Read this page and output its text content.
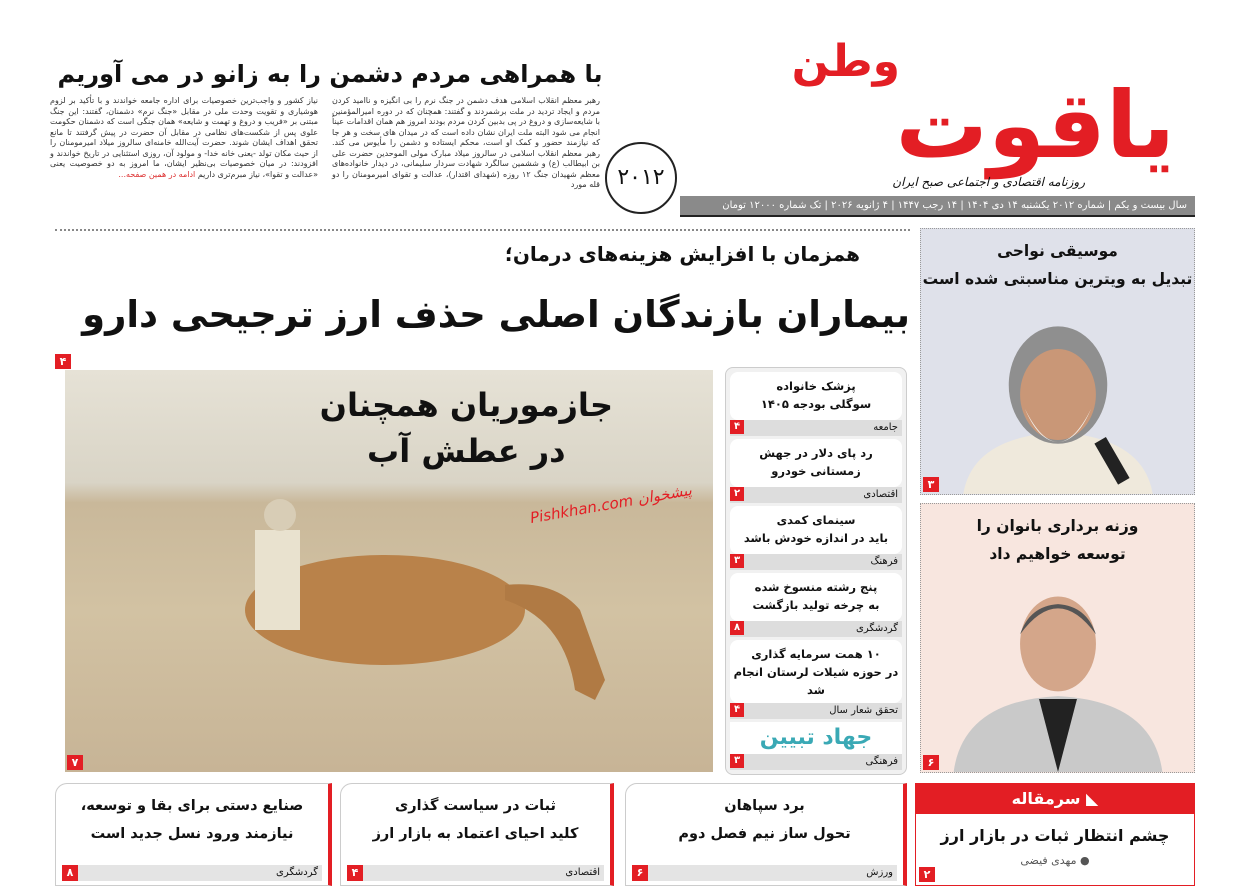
وطن
یاقوت
روزنامه اقتصادی و اجتماعی صبح ایران
سال بیست و یکم | شماره ۲۰۱۲ یکشنبه ۱۴ دی ۱۴۰۴ | ۱۴ رجب ۱۴۴۷ | ۴ ژانویه ۲۰۲۶ | تک شماره ۱۲۰۰۰ تومان
۲۰۱۲
با همراهی مردم دشمن را به زانو در می آوریم
رهبر معظم انقلاب اسلامی هدف دشمن در جنگ نرم را بی انگیزه و ناامید کردن مردم و ایجاد تردید در ملت برشمردند و گفتند: همچنان که در دوره امیرالمؤمنین با شایعه‌سازی و دروغ در پی بدبین کردن مردم بودند امروز هم همان اقدامات عیناً انجام می شود البته ملت ایران نشان داده است که در میدان های سخت و هر جا که نیازمند حضور و کمک او است، محکم ایستاده و دشمن را مأیوس می کند. رهبر معظم انقلاب اسلامی در سالروز میلاد مبارک مولی الموحدین حضرت علی بن ابیطالب (ع) و ششمین سالگرد شهادت سردار سلیمانی، در دیدار خانواده‌های معظم شهیدان جنگ ۱۲ روزه (شهدای اقتدار)، عدالت و تقوای امیرمومنان را دو قله مورد
نیاز کشور و واجب‌ترین خصوصیات برای اداره جامعه خواندند و با تأکید بر لزوم هوشیاری و تقویت وحدت ملی در مقابل «جنگ نرم» دشمنان، گفتند: این جنگ مبتنی بر «فریب و دروغ و تهمت و شایعه» همان جنگی است که دشمنان حکومت علوی پس از شکست‌های نظامی در مقابل آن حضرت در پیش گرفتند تا مانع تحقق اهداف ایشان شوند. حضرت آیت‌الله خامنه‌ای سالروز میلاد امیرمومنان را از حیث مکان تولد -یعنی خانه خدا- و مولود آن، روزی استثنایی در تاریخ خواندند و افزودند: در میان خصوصیات بی‌نظیر ایشان، ما امروز به دو خصوصیت یعنی «عدالت و تقوا»، نیاز مبرم‌تری داریم ادامه در همین صفحه...
همزمان با افزایش هزینه‌های درمان؛
بیماران بازندگان اصلی حذف ارز ترجیحی دارو
۴
جازموریان همچنان
در عطش آب
پیشخوان Pishkhan.com
۷
پزشک خانواده
سوگلی بودجه ۱۴۰۵
جامعه
۴
رد پای دلار در جهش
زمستانی خودرو
اقتصادی
۲
سینمای کمدی
باید در اندازه خودش باشد
فرهنگ
۳
پنج رشته منسوخ شده
به چرخه تولید بازگشت
گردشگری
۸
۱۰ همت سرمایه گذاری
در حوزه شیلات لرستان انجام شد
تحقق شعار سال
۴
جهاد تبیین
فرهنگی
۳
موسیقی نواحی
تبدیل به ویترین مناسبتی شده است
۳
وزنه برداری بانوان را
توسعه خواهیم داد
۶
صنایع دستی برای بقا و توسعه،
نیازمند ورود نسل جدید است
گردشگری
۸
ثبات در سیاست گذاری
کلید احیای اعتماد به بازار ارز
اقتصادی
۴
برد سپاهان
تحول ساز نیم فصل دوم
ورزش
۶
◣ سرمقاله
چشم انتظار ثبات در بازار ارز
● مهدی فیضی
۲
